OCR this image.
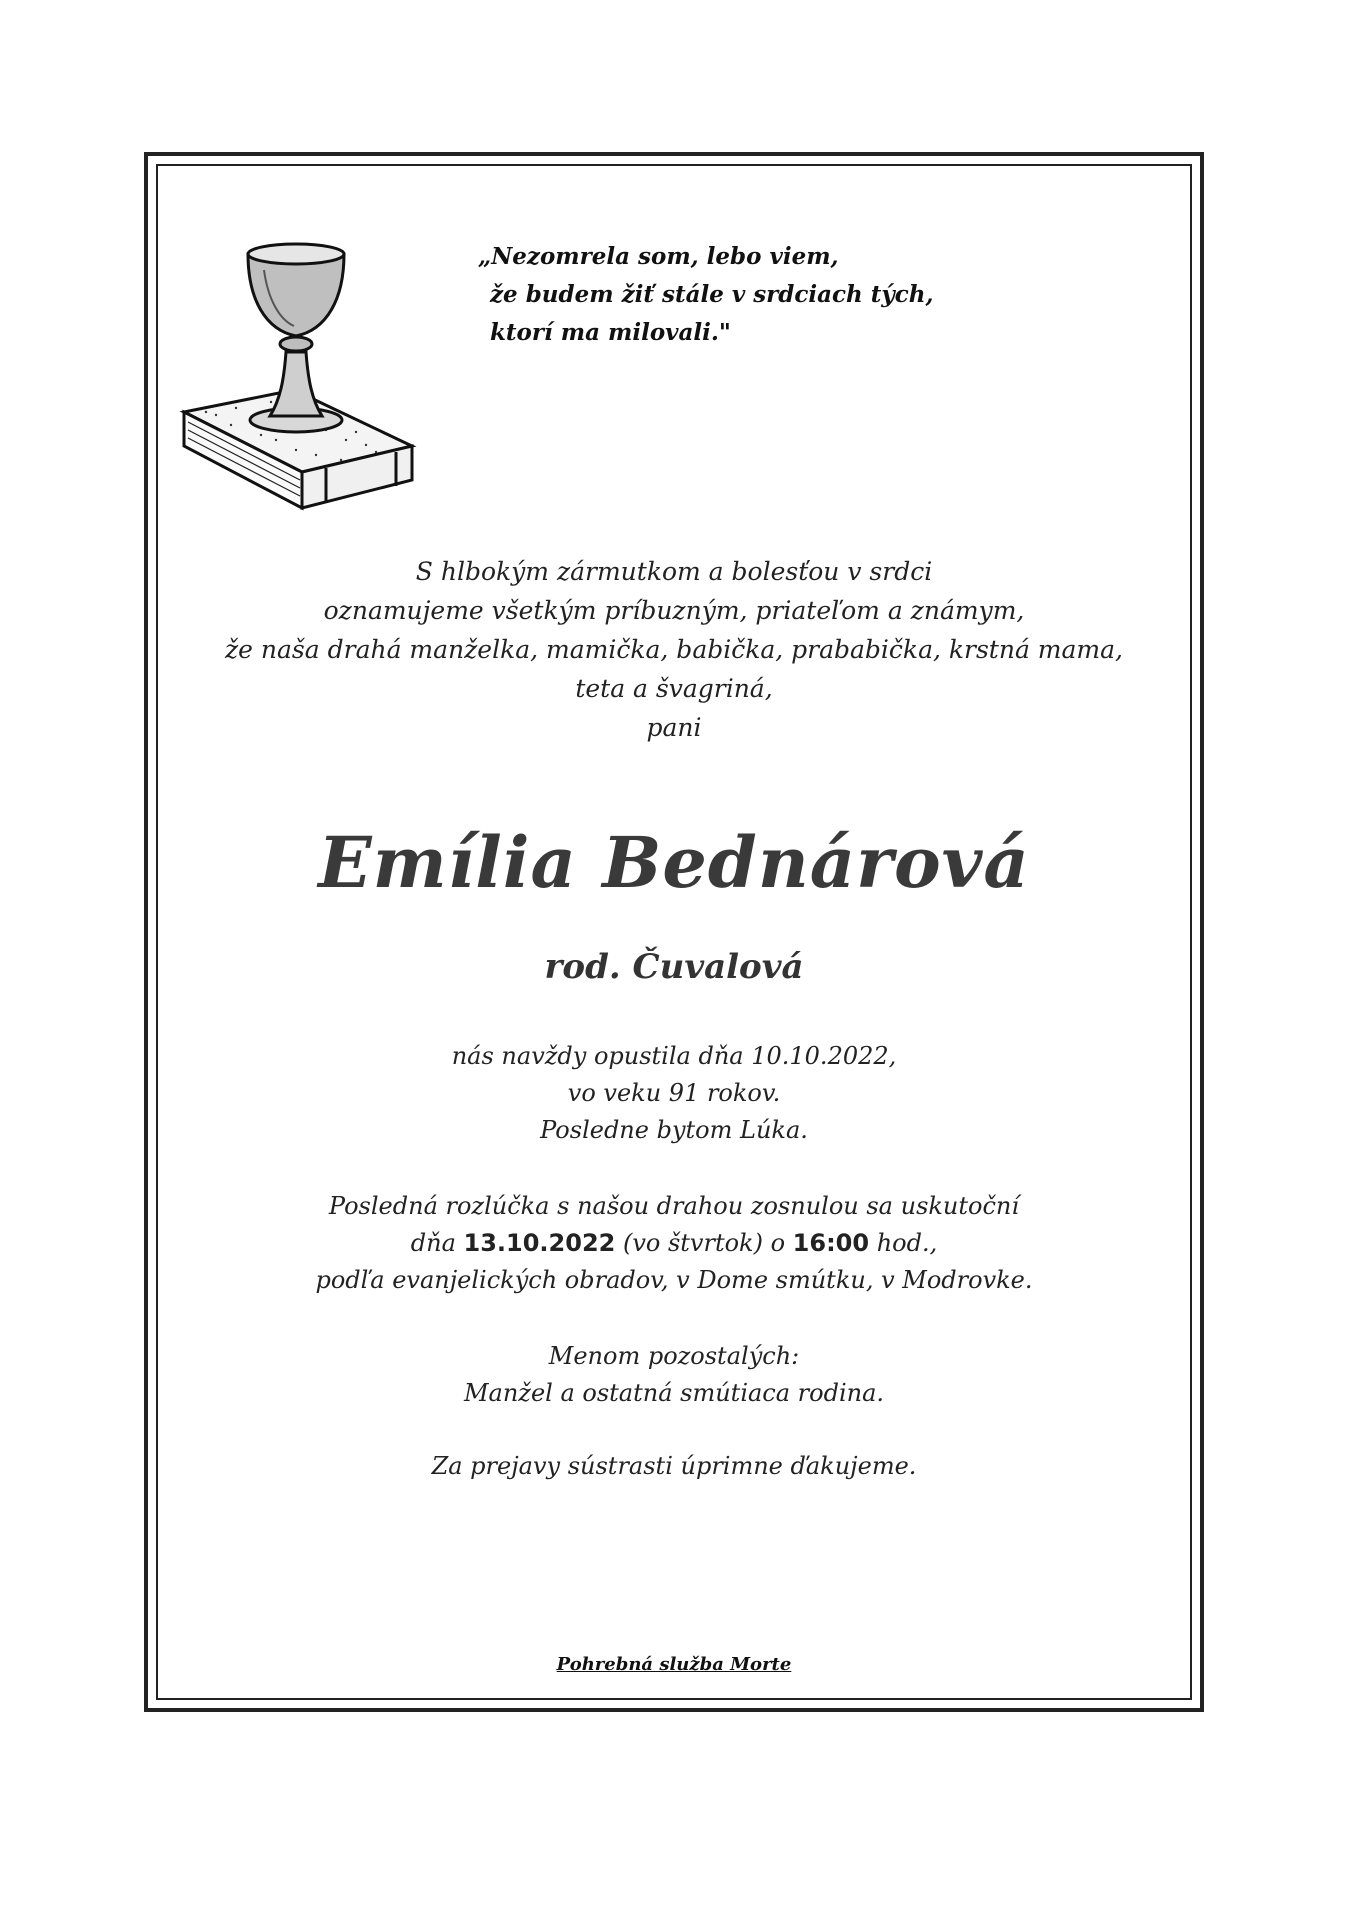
„Nezomrela som, lebo viem,
že budem žiť stále v srdciach tých,
ktorí ma milovali."
S hlbokým zármutkom a bolesťou v srdci
oznamujeme všetkým príbuzným, priateľom a známym,
že naša drahá manželka, mamička, babička, prababička, krstná mama,
teta a švagriná,
pani
Emília Bednárová
rod. Čuvalová
nás navždy opustila dňa 10.10.2022,
vo veku 91 rokov.
Posledne bytom Lúka.
Posledná rozlúčka s našou drahou zosnulou sa uskutoční
dňa 13.10.2022 (vo štvrtok) o 16:00 hod.,
podľa evanjelických obradov, v Dome smútku, v Modrovke.
Menom pozostalých:
Manžel a ostatná smútiaca rodina.
Za prejavy sústrasti úprimne ďakujeme.
Pohrebná služba Morte
